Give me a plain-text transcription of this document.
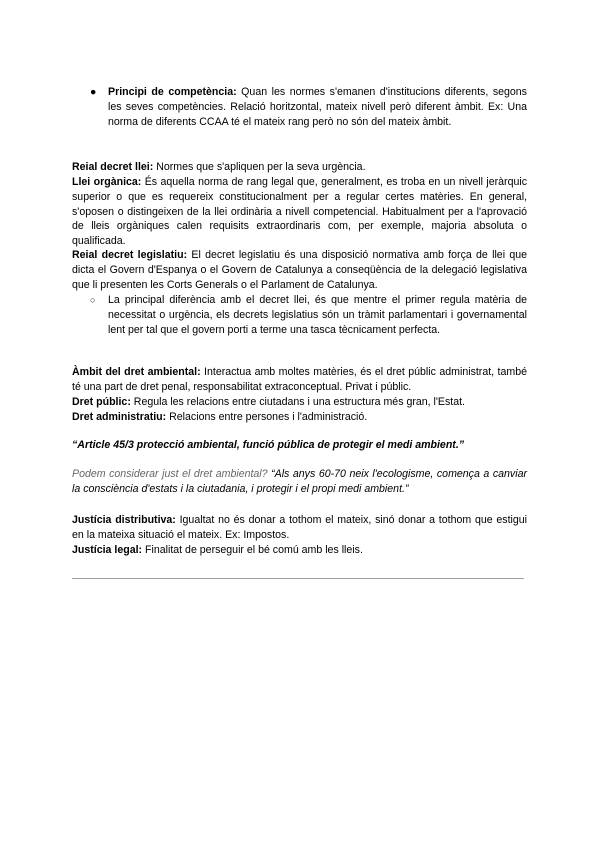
●	Principi de competència: Quan les normes s'emanen d'institucions diferents, segons les seves competències. Relació horitzontal, mateix nivell però diferent àmbit. Ex: Una norma de diferents CCAA té el mateix rang però no són del mateix àmbit.

Reial decret llei: Normes que s'apliquen per la seva urgència.

Llei orgànica: És aquella norma de rang legal que, generalment, es troba en un nivell jeràrquic superior o que es requereix constitucionalment per a regular certes matèries. En general, s'oposen o distingeixen de la llei ordinària a nivell competencial. Habitualment per a l'aprovació de lleis orgàniques calen requisits extraordinaris com, per exemple, majoria absoluta o qualificada.

Reial decret legislatiu: El decret legislatiu és una disposició normativa amb força de llei que dicta el Govern d'Espanya o el Govern de Catalunya a conseqüència de la delegació legislativa que li presenten les Corts Generals o el Parlament de Catalunya.

○	La principal diferència amb el decret llei, és que mentre el primer regula matèria de necessitat o urgència, els decrets legislatius són un tràmit parlamentari i governamental lent per tal que el govern porti a terme una tasca tècnicament perfecta.

Àmbit del dret ambiental: Interactua amb moltes matèries, és el dret públic administrat, també té una part de dret penal, responsabilitat extraconceptual. Privat i públic.

Dret públic: Regula les relacions entre ciutadans i una estructura més gran, l'Estat.

Dret administratiu: Relacions entre persones i l'administració.

“Article 45/3 protecció ambiental, funció pública de protegir el medi ambient.”
Podem considerar just el dret ambiental? “Als anys 60-70 neix l'ecologisme, comença a canviar la consciència d'estats i la ciutadania, i protegir i el propi medi ambient.”

Justícia distributiva: Igualtat no és donar a tothom el mateix, sinó donar a tothom que estigui en la mateixa situació el mateix. Ex: Impostos.

Justícia legal: Finalitat de perseguir el bé comú amb les lleis.
